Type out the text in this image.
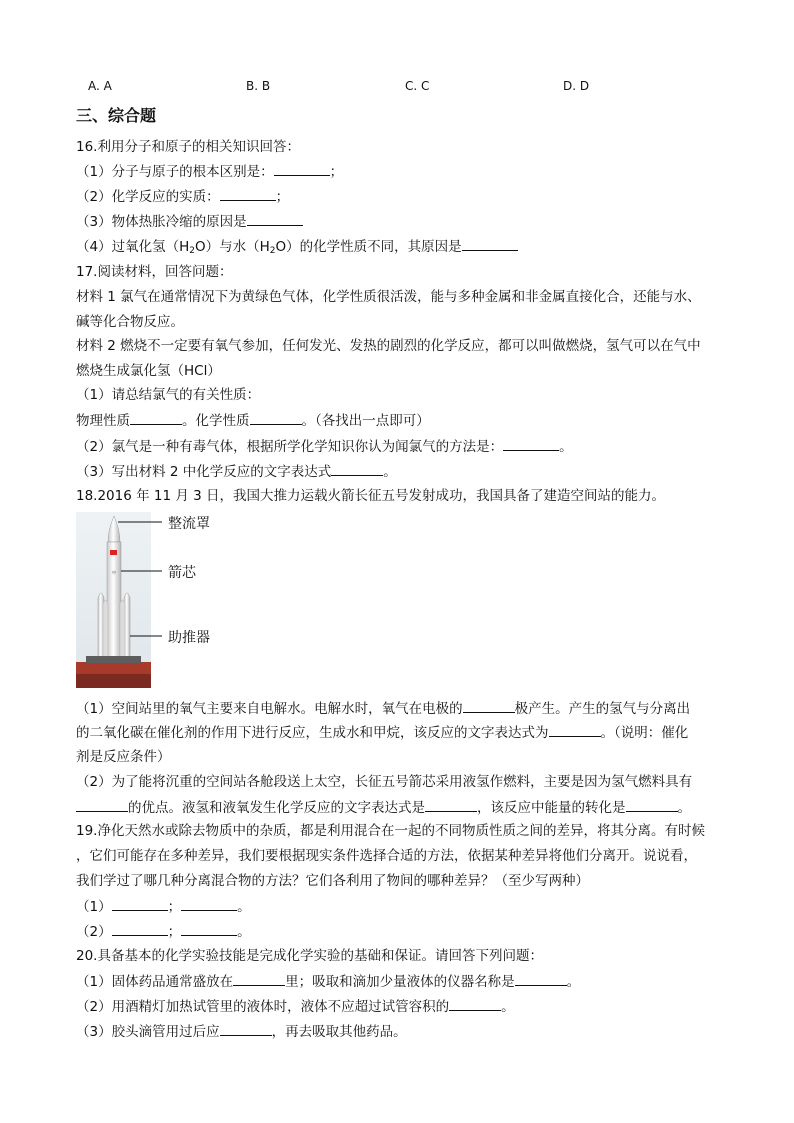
A. A	B. B	C. C	D. D
三、综合题
16.利用分子和原子的相关知识回答：
（1）分子与原子的根本区别是：	；
（2）化学反应的实质：	；
（3）物体热胀冷缩的原因是
（4）过氧化氢$(H_2O)$与水$(H_2O)$的化学性质不同，其原因是
17.阅读材料，回答问题：
材料 1 氯气在通常情况下为黄绿色气体，化学性质很活泼，能与多种金属和非金属直接化合，还能与水、
碱等化合物反应。
材料 2 燃烧不一定要有氧气参加，任何发光、发热的剧烈的化学反应，都可以叫做燃烧，氢气可以在气中
燃烧生成氯化氢（HCl）
（1）请总结氯气的有关性质：
物理性质	。化学性质	。（各找出一点即可）
（2）氯气是一种有毒气体，根据所学化学知识你认为闻氯气的方法是：	。
（3）写出材料 2 中化学反应的文字表达式	。
18.2016 年 11 月 3 日，我国大推力运载火箭长征五号发射成功，我国具备了建造空间站的能力。
中
整流罩
箭芯
助推器
（1）空间站里的氧气主要来自电解水。电解水时，氧气在电极的	极产生。产生的氢气与分离出
的二氧化碳在催化剂的作用下进行反应，生成水和甲烷，该反应的文字表达式为	。（说明：催化
剂是反应条件）
（2）为了能将沉重的空间站各舱段送上太空，长征五号箭芯采用液氢作燃料，主要是因为氢气燃料具有
的优点。液氢和液氧发生化学反应的文字表达式是	，该反应中能量的转化是	。
19.净化天然水或除去物质中的杂质，都是利用混合在一起的不同物质性质之间的差异，将其分离。有时候
，它们可能存在多种差异，我们要根据现实条件选择合适的方法，依据某种差异将他们分离开。说说看，
我们学过了哪几种分离混合物的方法？它们各利用了物间的哪种差异？（至少写两种）
（1）	；	。
（2）	；	。
20.具备基本的化学实验技能是完成化学实验的基础和保证。请回答下列问题：
（1）固体药品通常盛放在	里；吸取和滴加少量液体的仪器名称是	。
（2）用酒精灯加热试管里的液体时，液体不应超过试管容积的	。
（3）胶头滴管用过后应	，再去吸取其他药品。
